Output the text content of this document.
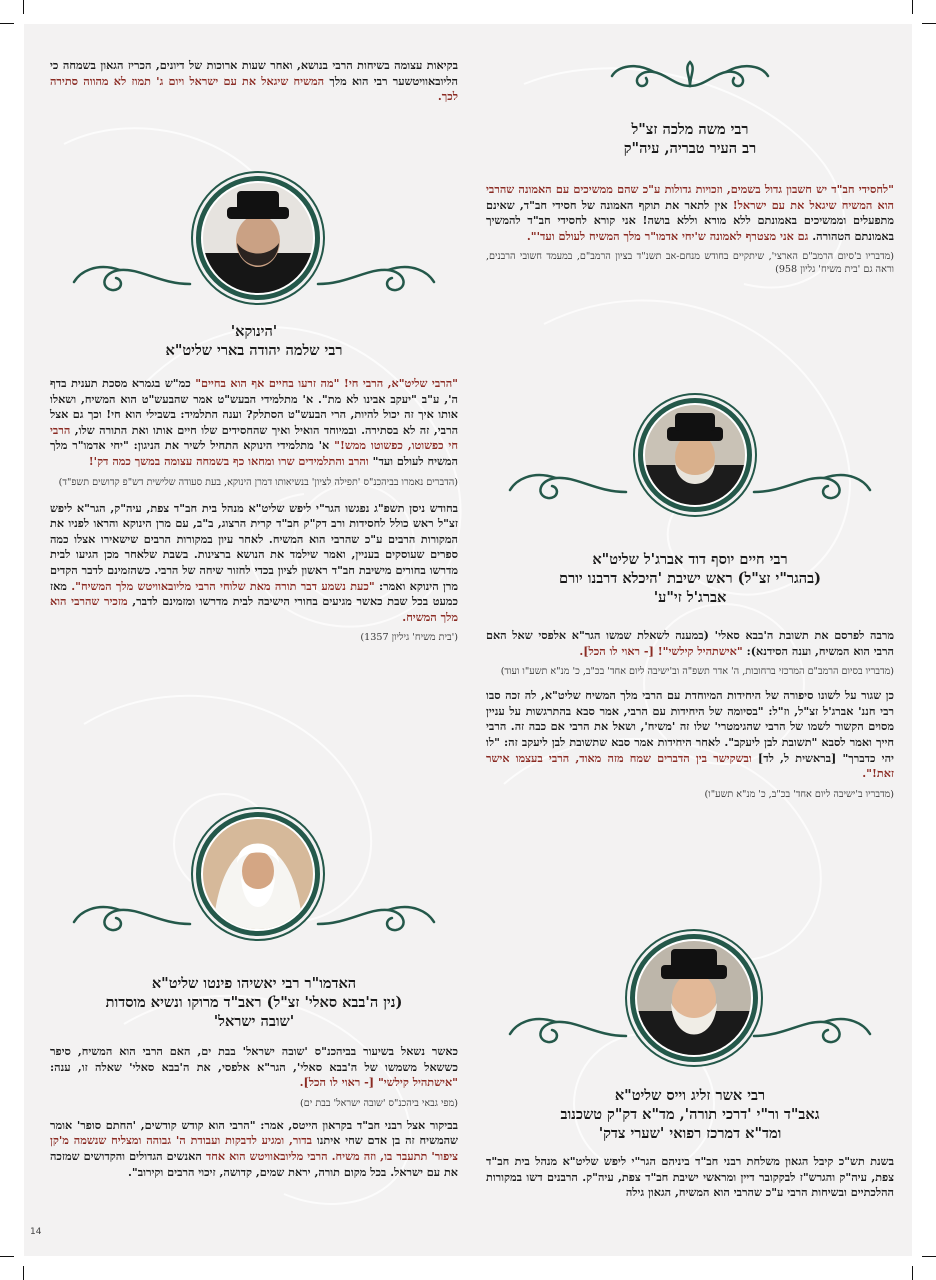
רבי משה מלכה זצ"ל
רב העיר טבריה, עיה"ק

"לחסידי חב"ד יש חשבון גדול בשמים, וזכויות גדולות ע"כ שהם ממשיכים עם האמונה שהרבי הוא המשיח שיגאל את עם ישראל! אין לתאר את תוקף האמונה של חסידי חב"ד, שאינם מתפעלים וממשיכים באמונתם ללא מורא וללא בושה! אני קורא לחסידי חב"ד להמשיך באמונתם הטהורה. גם אני מצטרף לאמונה ש'יחי אדמו"ר מלך המשיח לעולם ועד'".

(מדבריו ב'סיום הרמב"ם הארצי', שיתקיים בחודש מנחם-אב תשנ"ד בציון הרמב"ם, במעמד חשובי הרבנים, וראה גם 'בית משיח' גליון 958)

רבי חיים יוסף דוד אברג'ל שליט"א
(בהגר"י זצ"ל) ראש ישיבת 'היכלא דרבנו יורם
אברג'ל זי"ע'

מרבה לפרסם את תשובת ה'בבא סאלי' (במענה לשאלת שמשו הגר"א אלפסי שאל האם הרבי הוא המשיח, וענה הסידנא): "אישתהיל קילשי"! [- ראוי לו הכל].

(מדבריו בסיום הרמב"ם המרכזי ברחובות, ה' אדר תשפ"ה וב'ישיבה ליום אחד' בכ"ב, כ' מנ"א תשע"ו ועוד)

כן שגור על לשונו סיפורה של היחידות המיוחדת עם הרבי מלך המשיח שליט"א, לה זכה סבו רבי חננ' אברג'ל זצ"ל, וז"ל: "בסיומה של היחידות עם הרבי, אמר סבא בהתרגשות על עניין מסוים הקשור לשמו של הרבי שהגימטרי' שלו זה 'משיח', ושאל את הרבי אם כבה זה. הרבי חייך ואמר לסבא "תשובת לבן ליעקב". לאחר היחידות אמר סבא שתשובת לבן ליעקב זה: "לו יהי כדברך" [בראשית ל, לד] ובשקישר בין הדברים שמח מזה מאוד, הרבי בעצמו אישר זאת!".

(מדבריו ב'ישיבה ליום אחד' בכ"ב, כ' מנ"א תשע"ו)

רבי אשר זליג וייס שליט"א
גאב"ד ור"י 'דרכי תורה', מד"א דק"ק טשכנוב
ומד"א דמרכז רפואי 'שערי צדק'

בשנת תש"כ קיבל הגאון משלחת רבני חב"ד ביניהם הגר"י ליפש שליט"א מנהל בית חב"ד צפת, עיה"ק והגרש"ז לבקקובר דיין ומראשי ישיבת חב"ד צפת, עיה"ק. הרבנים דשו במקורות ההלכתיים ובשיחות הרבי ע"כ שהרבי הוא המשיח, הגאון גילה

בקיאות עצומה בשיחות הרבי בנושא, ואחר שעות ארוכות של דיונים, הכריז הגאון בשמחה כי הליובאוויטשער רבי הוא מלך המשיח שיגאל את עם ישראל ויום ג' תמוז לא מהווה סתירה לכך.

'הינוקא'
רבי שלמה יהודה בארי שליט"א

"הרבי שליט"א, הרבי חי! "מה זרעו בחיים אף הוא בחיים" כמ"ש בגמרא מסכת תענית בדף ה', ע"ב "יעקב אבינו לא מת". א' מתלמידי הבעש"ט אמר שהבעש"ט הוא המשיח, ושאלו אותו איך זה יכול להיות, הרי הבעש"ט הסתלק? וענה התלמיד: בשבילי הוא חי! וכך גם אצל הרבי, זה לא בסתירה. ובמיוחד הואיל ואיך שהחסידים שלו חיים אותו ואת התורה שלו, הרבי חי כפשוטו, כפשוטו ממש!" א' מתלמידי הינוקא התחיל לשיר את הניגון: "יחי אדמו"ר מלך המשיח לעולם ועד" והרב והתלמידים שרו ומחאו כף בשמחה עצומה במשך כמה דק'!

(הדברים נאמרו בביהכנ"ס 'תפילה לציון' בנשיאותו דמרן הינוקא, בעת סעודה שלישית דש"פ קדושים תשפ"ד)

בחודש ניסן תשפ"ג נפגשו הגר"י ליפש שליט"א מנהל בית חב"ד צפת, עיה"ק, הגר"א ליפש זצ"ל ראש כולל לחסידות ורב דק"ק חב"ד קרית הרצוג, ב"ב, עם מרן הינוקא והראו לפניו את המקורות הרבים ע"כ שהרבי הוא המשיח. לאחר עיון במקורות הרבים שישאירו אצלו כמה ספרים שעוסקים בעניין, ואמר שילמד את הנושא ברצינות. בשבת שלאחר מכן הגיעו לבית מדרשו בחורים מישיבת חב"ד ראשון לציון בכדי לחזור שיחה של הרבי. כשהזמינם לדבר הקדים מרן הינוקא ואמר: "כעת נשמע דבר תורה מאת שלוחי הרבי מליובאוויטש מלך המשיח". מאז כמעט בכל שבת כאשר מגיעים בחורי הישיבה לבית מדרשו ומזמינם לדבר, מזכיר שהרבי הוא מלך המשיח.

('בית משיח' גיליון 1357)

האדמו"ר רבי יאשיהו פינטו שליט"א
(נין ה'בבא סאלי' זצ"ל) ראב"ד מרוקו ונשיא מוסדות
'שובה ישראל'

כאשר נשאל בשיעור בביהכנ"ס 'שובה ישראל' בבת ים, האם הרבי הוא המשיח, סיפר כששאל משמשו של ה'בבא סאלי', הגר"א אלפסי, את ה'בבא סאלי' שאלה זו, ענה: "אישתהיל קילשי" [- ראוי לו הכל].

(מפי גבאי ביהכנ"ס 'שובה ישראל' בבת ים)

בביקור אצל רבני חב"ד בקראון הייטס, אמר: "הרבי הוא קודש קודשים, 'החתם סופר' אומר שהמשיח זה בן אדם שחי איתנו בדור, ומגיע לדבקות ועבודת ה' גבוהה ומצליח שנשמה מ'קן ציפור' תתעבר בו, וזה משיח. הרבי מליובאוויטש הוא אחד האנשים הגדולים והקדושים שמזכה את עם ישראל. בכל מקום תורה, יראת שמים, קדושה, זיכוי הרבים וקירוב".

14
